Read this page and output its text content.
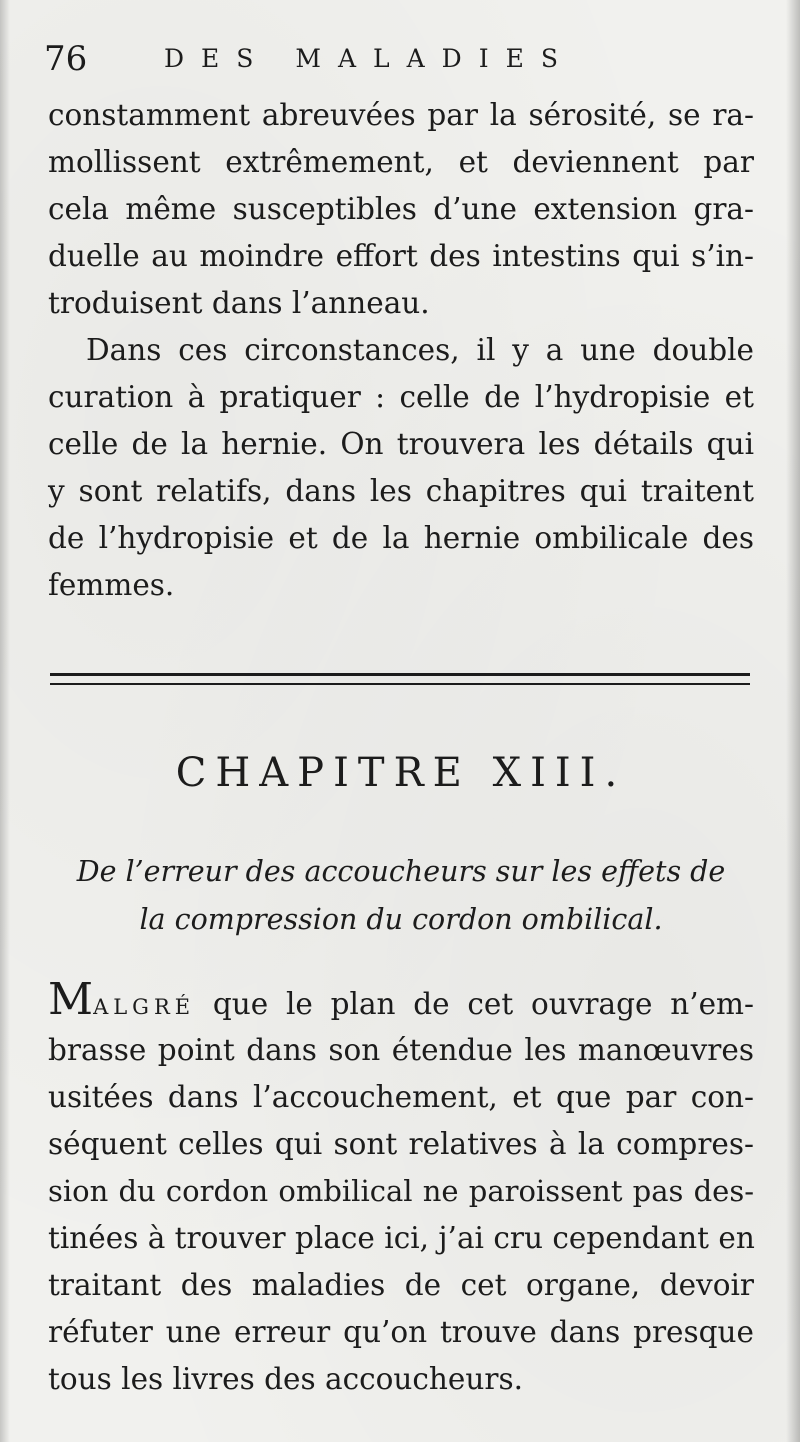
76	DES MALADIES

constamment abreuvées par la sérosité, se ra-
mollissent extrêmement, et deviennent par
cela même susceptibles d’une extension gra-
duelle au moindre effort des intestins qui s’in-
troduisent dans l’anneau.

Dans ces circonstances, il y a une double
curation à pratiquer : celle de l’hydropisie et
celle de la hernie. On trouvera les détails qui
y sont relatifs, dans les chapitres qui traitent
de l’hydropisie et de la hernie ombilicale des
femmes.

CHAPITRE XIII.
De l’erreur des accoucheurs sur les effets de
la compression du cordon ombilical.

MALGRÉ que le plan de cet ouvrage n’em-
brasse point dans son étendue les manœuvres
usitées dans l’accouchement, et que par con-
séquent celles qui sont relatives à la compres-
sion du cordon ombilical ne paroissent pas des-
tinées à trouver place ici, j’ai cru cependant en
traitant des maladies de cet organe, devoir
réfuter une erreur qu’on trouve dans presque
tous les livres des accoucheurs.
